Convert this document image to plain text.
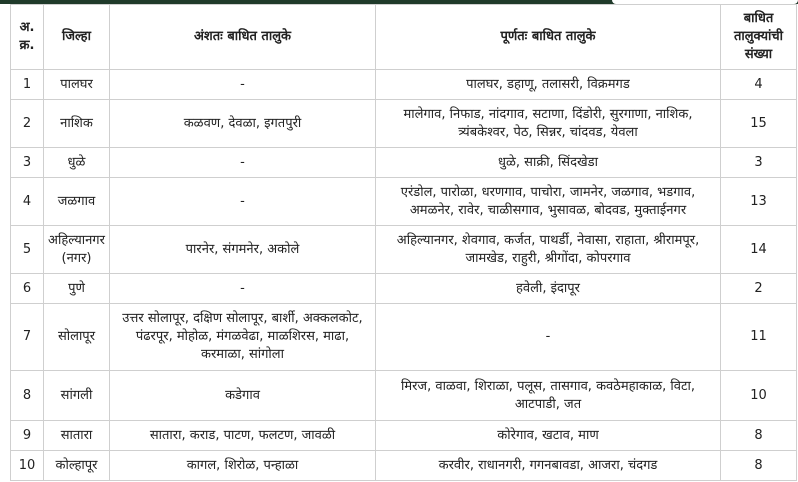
अ. क्र.	जिल्हा	अंशतः बाधित तालुके	पूर्णतः बाधित तालुके	बाधित तालुक्यांची संख्या
1	पालघर	-	पालघर, डहाणू, तलासरी, विक्रमगड	4
2	नाशिक	कळवण, देवळा, इगतपुरी	मालेगाव, निफाड, नांदगाव, सटाणा, दिंडोरी, सुरगाणा, नाशिक, त्र्यंबकेश्वर, पेठ, सिन्नर, चांदवड, येवला	15
3	धुळे	-	धुळे, साक्री, सिंदखेडा	3
4	जळगाव	-	एरंडोल, पारोळा, धरणगाव, पाचोरा, जामनेर, जळगाव, भडगाव, अमळनेर, रावेर, चाळीसगाव, भुसावळ, बोदवड, मुक्ताईनगर	13
5	अहिल्यानगर (नगर)	पारनेर, संगमनेर, अकोले	अहिल्यानगर, शेवगाव, कर्जत, पाथर्डी, नेवासा, राहाता, श्रीरामपूर, जामखेड, राहुरी, श्रीगोंदा, कोपरगाव	14
6	पुणे	-	हवेली, इंदापूर	2
7	सोलापूर	उत्तर सोलापूर, दक्षिण सोलापूर, बार्शी, अक्कलकोट, पंढरपूर, मोहोळ, मंगळवेढा, माळशिरस, माढा, करमाळा, सांगोला	-	11
8	सांगली	कडेगाव	मिरज, वाळवा, शिराळा, पलूस, तासगाव, कवठेमहाकाळ, विटा, आटपाडी, जत	10
9	सातारा	सातारा, कराड, पाटण, फलटण, जावळी	कोरेगाव, खटाव, माण	8
10	कोल्हापूर	कागल, शिरोळ, पन्हाळा	करवीर, राधानगरी, गगनबावडा, आजरा, चंदगड	8
